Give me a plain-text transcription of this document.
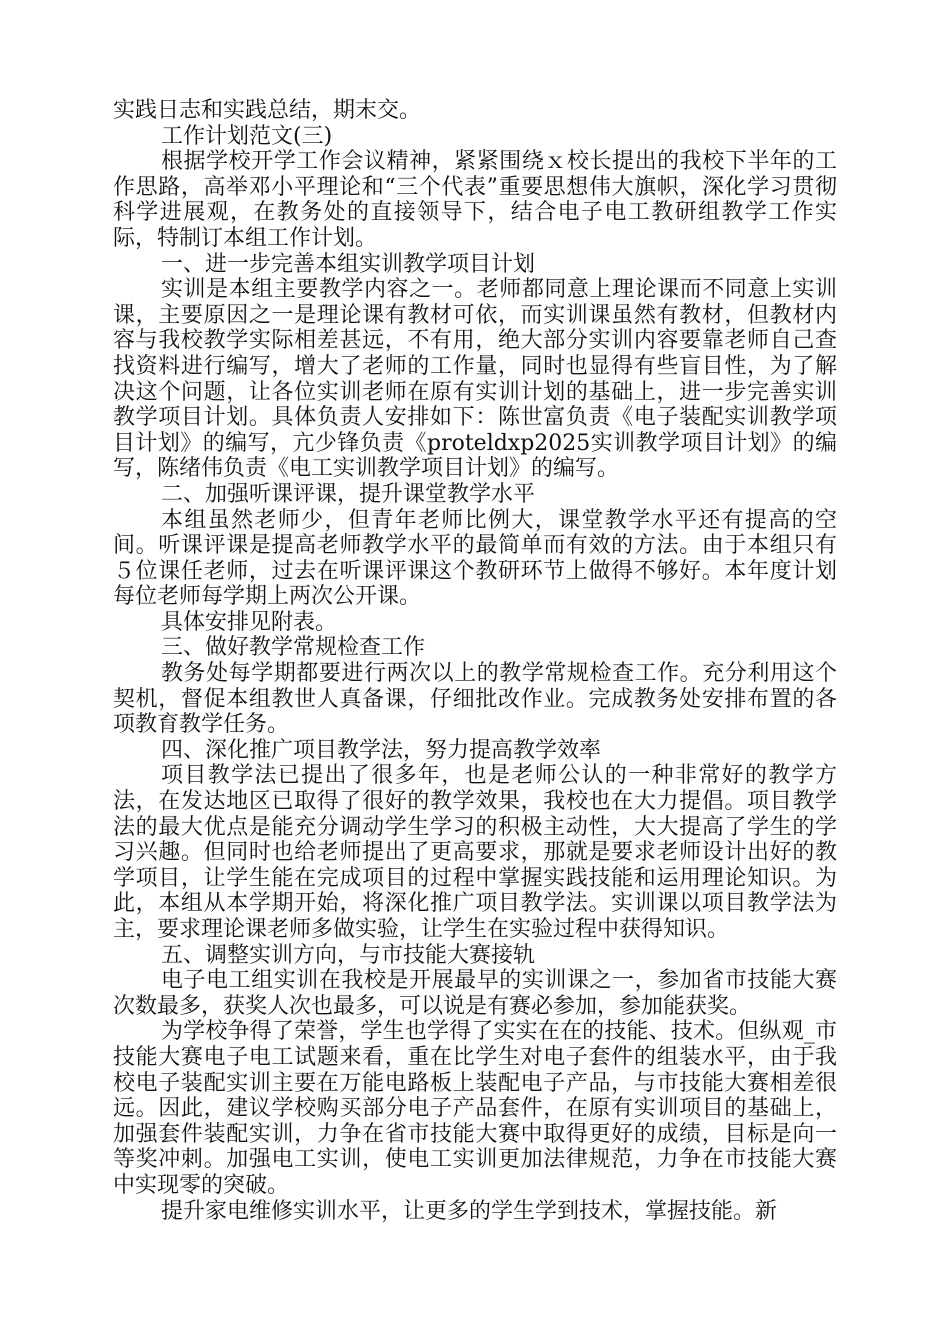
实践日志和实践总结，期末交。

工作计划范文(三)

根据学校开学工作会议精神，紧紧围绕ｘ校长提出的我校下半年的工作思路，高举邓小平理论和“三个代表”重要思想伟大旗帜，深化学习贯彻科学进展观，在教务处的直接领导下，结合电子电工教研组教学工作实际，特制订本组工作计划。

一、进一步完善本组实训教学项目计划

实训是本组主要教学内容之一。老师都同意上理论课而不同意上实训课，主要原因之一是理论课有教材可依，而实训课虽然有教材，但教材内容与我校教学实际相差甚远，不有用，绝大部分实训内容要靠老师自己查找资料进行编写，增大了老师的工作量，同时也显得有些盲目性，为了解决这个问题，让各位实训老师在原有实训计划的基础上，进一步完善实训教学项目计划。具体负责人安排如下：陈世富负责《电子装配实训教学项目计划》的编写，亢少锋负责《proteldxp2025实训教学项目计划》的编写，陈绪伟负责《电工实训教学项目计划》的编写。

二、加强听课评课，提升课堂教学水平

本组虽然老师少，但青年老师比例大，课堂教学水平还有提高的空间。听课评课是提高老师教学水平的最简单而有效的方法。由于本组只有５位课任老师，过去在听课评课这个教研环节上做得不够好。本年度计划每位老师每学期上两次公开课。

具体安排见附表。

三、做好教学常规检查工作

教务处每学期都要进行两次以上的教学常规检查工作。充分利用这个契机，督促本组教世人真备课，仔细批改作业。完成教务处安排布置的各项教育教学任务。

四、深化推广项目教学法，努力提高教学效率

项目教学法已提出了很多年，也是老师公认的一种非常好的教学方法，在发达地区已取得了很好的教学效果，我校也在大力提倡。项目教学法的最大优点是能充分调动学生学习的积极主动性，大大提高了学生的学习兴趣。但同时也给老师提出了更高要求，那就是要求老师设计出好的教学项目，让学生能在完成项目的过程中掌握实践技能和运用理论知识。为此，本组从本学期开始，将深化推广项目教学法。实训课以项目教学法为主，要求理论课老师多做实验，让学生在实验过程中获得知识。

五、调整实训方向，与市技能大赛接轨

电子电工组实训在我校是开展最早的实训课之一，参加省市技能大赛次数最多，获奖人次也最多，可以说是有赛必参加，参加能获奖。

为学校争得了荣誉，学生也学得了实实在在的技能、技术。但纵观_市技能大赛电子电工试题来看，重在比学生对电子套件的组装水平，由于我校电子装配实训主要在万能电路板上装配电子产品，与市技能大赛相差很远。因此，建议学校购买部分电子产品套件，在原有实训项目的基础上，加强套件装配实训，力争在省市技能大赛中取得更好的成绩，目标是向一等奖冲刺。加强电工实训，使电工实训更加法律规范，力争在市技能大赛中实现零的突破。

提升家电维修实训水平，让更多的学生学到技术，掌握技能。新
